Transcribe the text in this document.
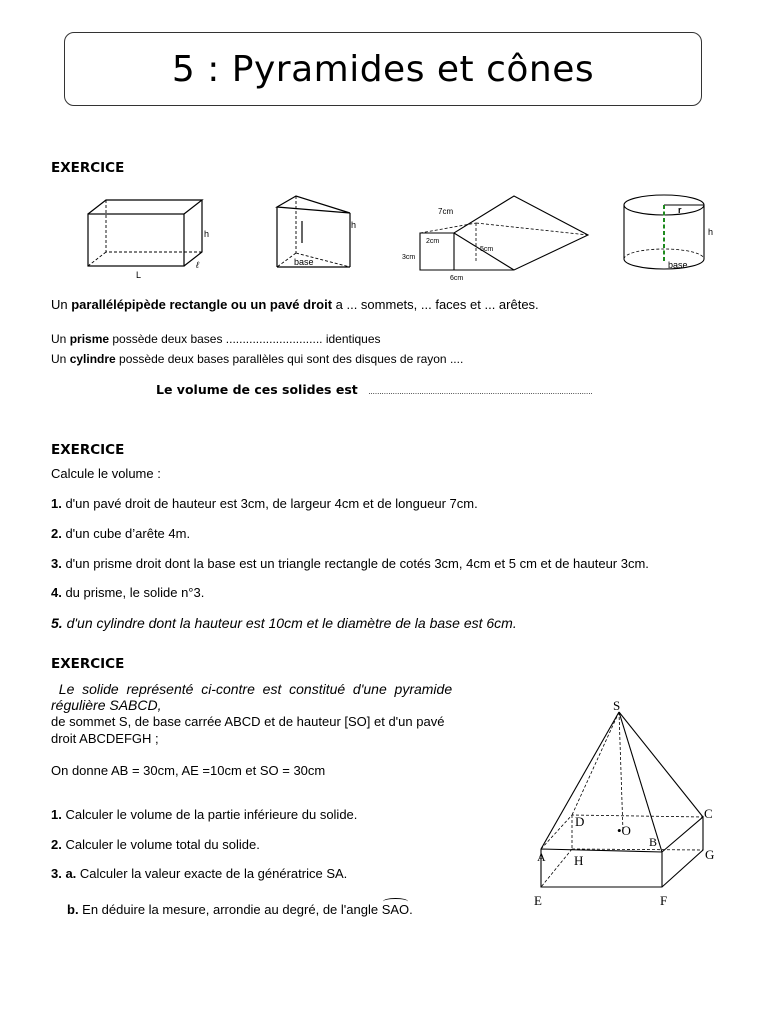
5 : Pyramides et cônes
EXERCICE
h
L
ℓ
h
base
7cm
2cm
3cm
5cm
6cm
r
h
base
Un parallélépipède rectangle ou un pavé droit a ... sommets, ... faces et ... arêtes.
Un prisme possède deux bases ............................. identiques
Un cylindre possède deux bases parallèles qui sont des disques de rayon ....
Le volume de ces solides est .....................................................................................................
EXERCICE
Calcule le volume :
1. d'un pavé droit de hauteur est 3cm, de largeur 4cm et de longueur 7cm.
2. d'un cube d’arête 4m.
3. d'un prisme droit dont la base est un triangle rectangle de cotés 3cm, 4cm et 5 cm et de hauteur 3cm.
4. du prisme, le solide n°3.
5. d'un cylindre dont la hauteur est 10cm et le diamètre de la base est 6cm.
EXERCICE
Le  solide  représenté  ci-contre  est  constitué  d'une  pyramide
régulière SABCD,
de sommet S, de base carrée ABCD et de hauteur [SO] et d'un pavé
droit ABCDEFGH ;
On donne AB = 30cm, AE =10cm et SO = 30cm
1. Calculer le volume de la partie inférieure du solide.
2. Calculer le volume total du solide.
3. a. Calculer la valeur exacte de la génératrice SA.
b. En déduire la mesure, arrondie au degré, de l'angle SAO.
S
C
D
•O
B
A H	G
E	F
